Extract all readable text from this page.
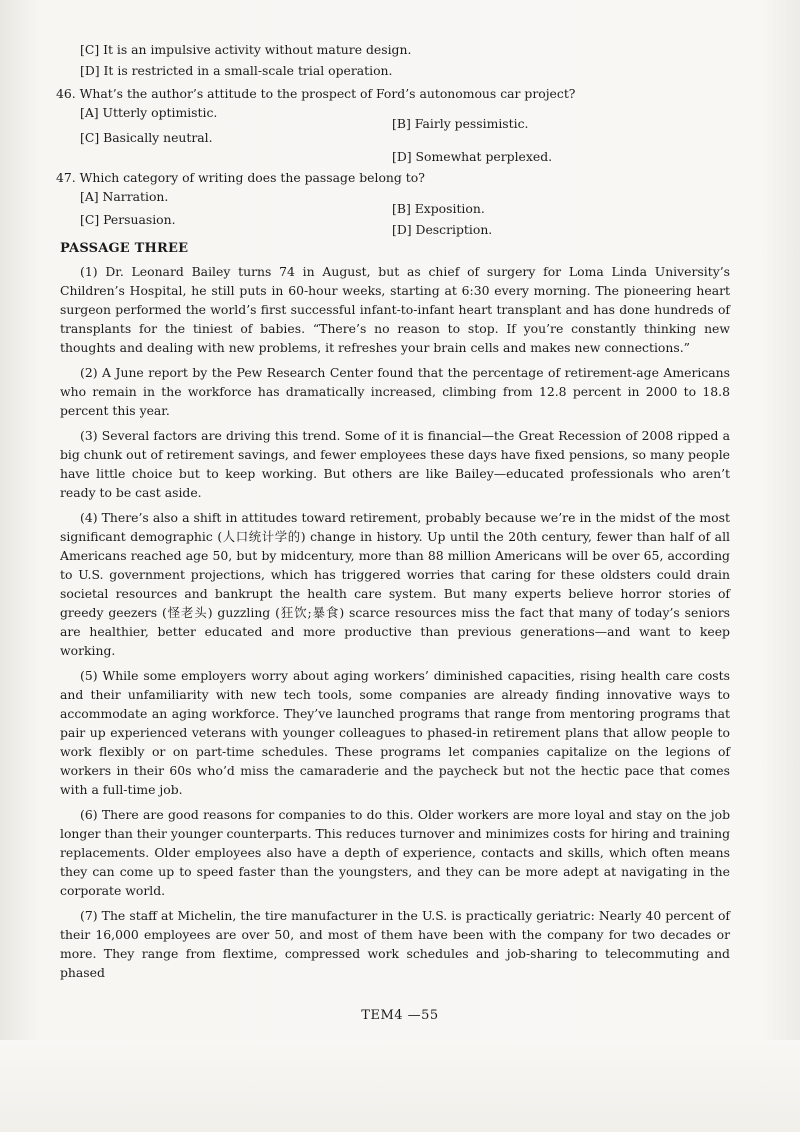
[C] It is an impulsive activity without mature design.
[D] It is restricted in a small-scale trial operation.
46. What’s the author’s attitude to the prospect of Ford’s autonomous car project?
[A] Utterly optimistic.
[B] Fairly pessimistic.
[C] Basically neutral.
[D] Somewhat perplexed.
47. Which category of writing does the passage belong to?
[A] Narration.
[B] Exposition.
[C] Persuasion.
[D] Description.
PASSAGE THREE

(1) Dr. Leonard Bailey turns 74 in August, but as chief of surgery for Loma Linda University’s Children’s Hospital, he still puts in 60-hour weeks, starting at 6:30 every morning. The pioneering heart surgeon performed the world’s first successful infant-to-infant heart transplant and has done hundreds of transplants for the tiniest of babies. “There’s no reason to stop. If you’re constantly thinking new thoughts and dealing with new problems, it refreshes your brain cells and makes new connections.”

(2) A June report by the Pew Research Center found that the percentage of retirement-age Americans who remain in the workforce has dramatically increased, climbing from 12.8 percent in 2000 to 18.8 percent this year.

(3) Several factors are driving this trend. Some of it is financial—the Great Recession of 2008 ripped a big chunk out of retirement savings, and fewer employees these days have fixed pensions, so many people have little choice but to keep working. But others are like Bailey—educated professionals who aren’t ready to be cast aside.

(4) There’s also a shift in attitudes toward retirement, probably because we’re in the midst of the most significant demographic (人口统计学的) change in history. Up until the 20th century, fewer than half of all Americans reached age 50, but by midcentury, more than 88 million Americans will be over 65, according to U.S. government projections, which has triggered worries that caring for these oldsters could drain societal resources and bankrupt the health care system. But many experts believe horror stories of greedy geezers (怪老头) guzzling (狂饮;暴食) scarce resources miss the fact that many of today’s seniors are healthier, better educated and more productive than previous generations—and want to keep working.

(5) While some employers worry about aging workers’ diminished capacities, rising health care costs and their unfamiliarity with new tech tools, some companies are already finding innovative ways to accommodate an aging workforce. They’ve launched programs that range from mentoring programs that pair up experienced veterans with younger colleagues to phased-in retirement plans that allow people to work flexibly or on part-time schedules. These programs let companies capitalize on the legions of workers in their 60s who’d miss the camaraderie and the paycheck but not the hectic pace that comes with a full-time job.

(6) There are good reasons for companies to do this. Older workers are more loyal and stay on the job longer than their younger counterparts. This reduces turnover and minimizes costs for hiring and training replacements. Older employees also have a depth of experience, contacts and skills, which often means they can come up to speed faster than the youngsters, and they can be more adept at navigating in the corporate world.

(7) The staff at Michelin, the tire manufacturer in the U.S. is practically geriatric: Nearly 40 percent of their 16,000 employees are over 50, and most of them have been with the company for two decades or more. They range from flextime, compressed work schedules and job-sharing to telecommuting and phased

TEM4 —55
